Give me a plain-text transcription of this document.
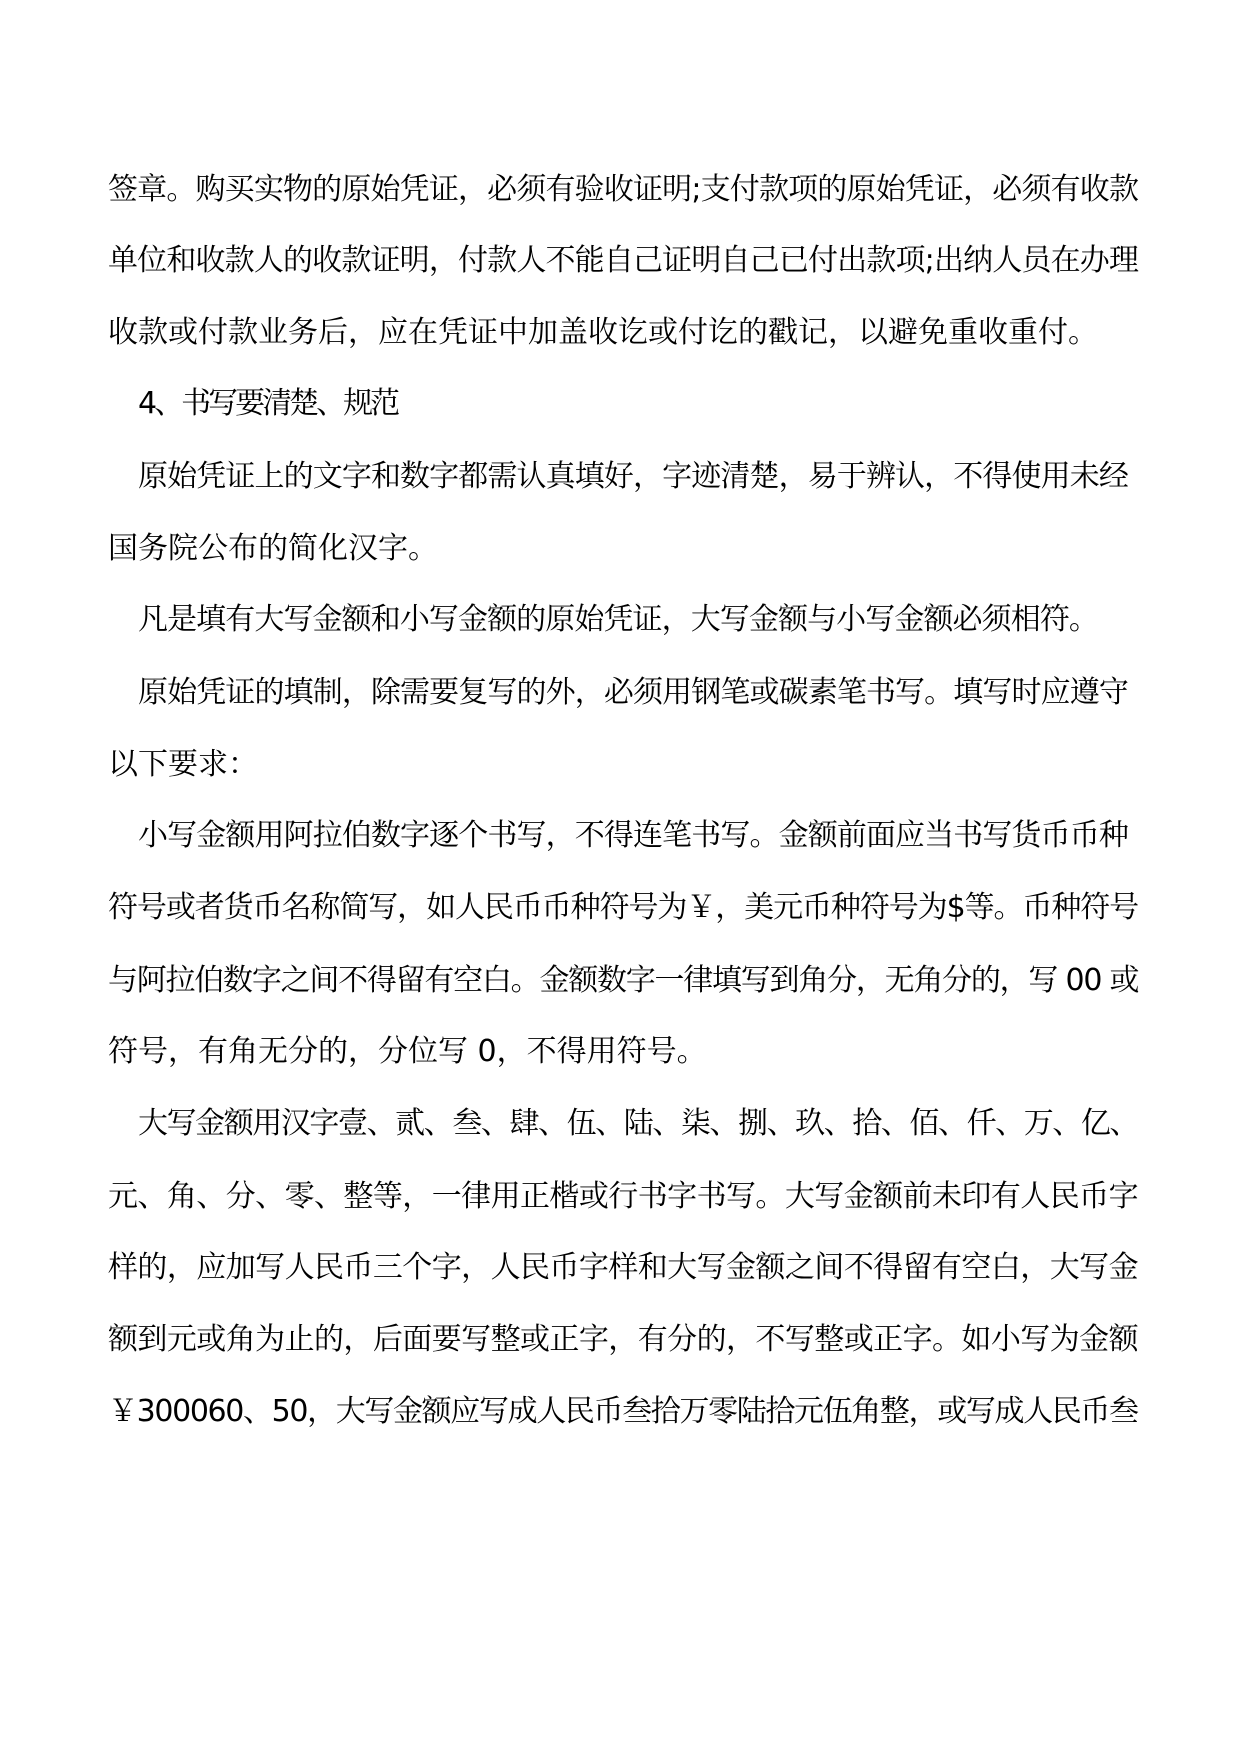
签章。购买实物的原始凭证，必须有验收证明;支付款项的原始凭证，必须有收款

单位和收款人的收款证明，付款人不能自己证明自己已付出款项;出纳人员在办理

收款或付款业务后，应在凭证中加盖收讫或付讫的戳记，以避免重收重付。

4、书写要清楚、规范

原始凭证上的文字和数字都需认真填好，字迹清楚，易于辨认，不得使用未经

国务院公布的简化汉字。

凡是填有大写金额和小写金额的原始凭证，大写金额与小写金额必须相符。

原始凭证的填制，除需要复写的外，必须用钢笔或碳素笔书写。填写时应遵守

以下要求：

小写金额用阿拉伯数字逐个书写，不得连笔书写。金额前面应当书写货币币种

符号或者货币名称简写，如人民币币种符号为￥，美元币种符号为$等。币种符号

与阿拉伯数字之间不得留有空白。金额数字一律填写到角分，无角分的，写 00 或

符号，有角无分的，分位写 0，不得用符号。

大写金额用汉字壹、贰、叁、肆、伍、陆、柒、捌、玖、拾、佰、仟、万、亿、

元、角、分、零、整等，一律用正楷或行书字书写。大写金额前未印有人民币字

样的，应加写人民币三个字，人民币字样和大写金额之间不得留有空白，大写金

额到元或角为止的，后面要写整或正字，有分的，不写整或正字。如小写为金额

￥300060、50，大写金额应写成人民币叁拾万零陆拾元伍角整，或写成人民币叁
